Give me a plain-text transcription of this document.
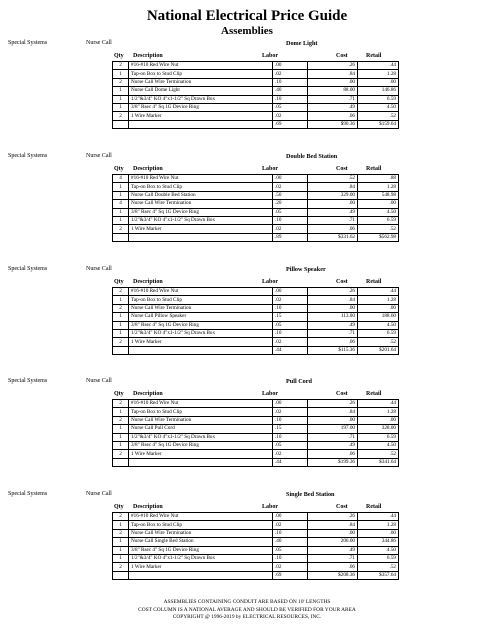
National Electrical Price Guide
Assemblies
Special Systems	Nurse Call	Dome Light
Qty Description	Labor	Cost	Retail
2	#16-#10 Red Wire Nut	.00	.26	.44
1	Tap-on Box to Stud Clip	.02	.84	1.28
2	Nurse Call Wire Termination	.10	.00	.00
1	Nurse Call Dome Light	.40	88.00	146.86
1	1/2"&3/4" KO 4"x1-1/2" Sq Drawn Box	.10	.71	6.59
1	3/8" Rsec 4" Sq 1G Device Ring	.05	.49	4.50
2	1 Wire Marker	.02	.06	.52
		.69	$90.36	$159.64
Special Systems	Nurse Call	Double Bed Station
Qty Description	Labor	Cost	Retail
4	#16-#10 Red Wire Nut	.00	.52	.88
1	Tap-on Box to Stud Clip	.02	.84	1.28
1	Nurse Call Double Bed Station	.50	329.00	548.98
4	Nurse Call Wire Termination	.20	.00	.00
1	3/8" Rsec 4" Sq 1G Device Ring	.05	.49	4.50
1	1/2"&3/4" KO 4"x1-1/2" Sq Drawn Box	.10	.71	6.59
2	1 Wire Marker	.02	.06	.52
		.89	$331.62	$562.98
Special Systems	Nurse Call	Pillow Speaker
Qty Description	Labor	Cost	Retail
2	#16-#10 Red Wire Nut	.00	.26	.44
1	Tap-on Box to Stud Clip	.02	.84	1.28
2	Nurse Call Wire Termination	.10	.00	.00
1	Nurse Call Pillow Speaker	.15	113.00	188.60
1	3/8" Rsec 4" Sq 1G Device Ring	.05	.49	4.50
1	1/2"&3/4" KO 4"x1-1/2" Sq Drawn Box	.10	.71	6.59
2	1 Wire Marker	.02	.06	.52
		.44	$115.36	$201.64
Special Systems	Nurse Call	Pull Cord
Qty Description	Labor	Cost	Retail
2	#16-#10 Red Wire Nut	.00	.26	.44
1	Tap-on Box to Stud Clip	.02	.84	1.28
2	Nurse Call Wire Termination	.10	.00	.00
1	Nurse Call Pull Cord	.15	197.00	328.00
1	1/2"&3/4" KO 4"x1-1/2" Sq Drawn Box	.10	.71	6.59
1	3/8" Rsec 4" Sq 1G Device Ring	.05	.49	4.50
2	1 Wire Marker	.02	.06	.52
		.44	$199.36	$341.64
Special Systems	Nurse Call	Single Bed Station
Qty Description	Labor	Cost	Retail
2	#16-#10 Red Wire Nut	.00	.26	.44
1	Tap-on Box to Stud Clip	.02	.84	1.28
2	Nurse Call Wire Termination	.10	.00	.00
1	Nurse Call Single Bed Station	.40	206.00	344.86
1	3/8" Rsec 4" Sq 1G Device Ring	.05	.49	4.50
1	1/2"&3/4" KO 4"x1-1/2" Sq Drawn Box	.10	.71	6.59
2	1 Wire Marker	.02	.06	.52
		.69	$208.36	$357.64
ASSEMBLIES CONTAINING CONDUIT ARE BASED ON 10' LENGTHS
COST COLUMN IS A NATIONAL AVERAGE AND SHOULD BE VERIFIED FOR YOUR AREA
COPYRIGHT @ 1996-2019 by ELECTRICAL RESOURCES, INC.
